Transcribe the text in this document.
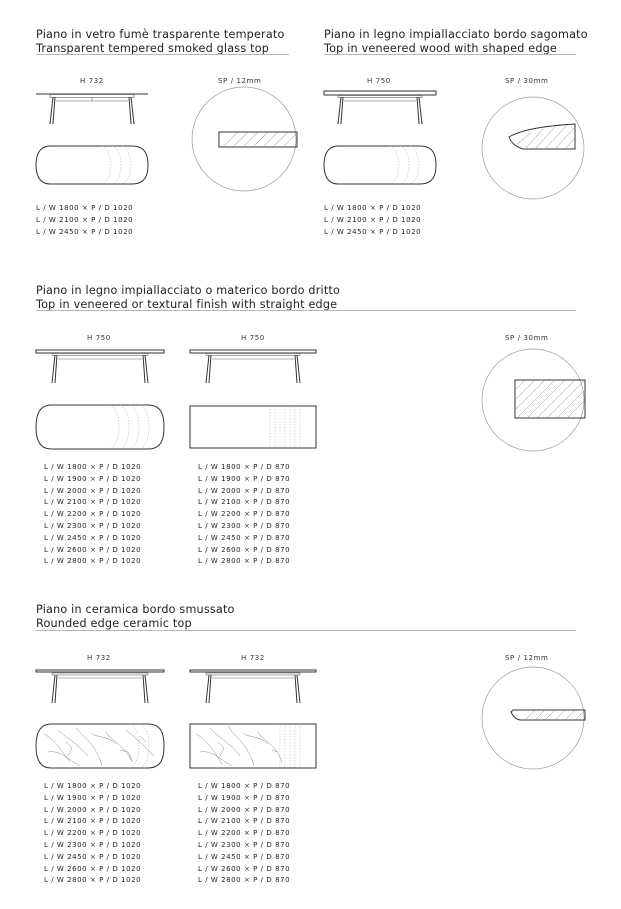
Piano in vetro fumè trasparente temperato
Transparent tempered smoked glass top
H 732	SP / 12mm
L / W 1800 × P / D 1020
L / W 2100 × P / D 1020
L / W 2450 × P / D 1020
Piano in legno impiallacciato bordo sagomato
Top in veneered wood with shaped edge
H 750	SP / 30mm
L / W 1800 × P / D 1020
L / W 2100 × P / D 1020
L / W 2450 × P / D 1020
Piano in legno impiallacciato o materico bordo dritto
Top in veneered or textural finish with straight edge
H 750	H 750	SP / 30mm
L / W 1800 × P / D 1020
L / W 1900 × P / D 1020
L / W 2000 × P / D 1020
L / W 2100 × P / D 1020
L / W 2200 × P / D 1020
L / W 2300 × P / D 1020
L / W 2450 × P / D 1020
L / W 2600 × P / D 1020
L / W 2800 × P / D 1020
L / W 1800 × P / D 870
L / W 1900 × P / D 870
L / W 2000 × P / D 870
L / W 2100 × P / D 870
L / W 2200 × P / D 870
L / W 2300 × P / D 870
L / W 2450 × P / D 870
L / W 2600 × P / D 870
L / W 2800 × P / D 870
Piano in ceramica bordo smussato
Rounded edge ceramic top
H 732	H 732	SP / 12mm
L / W 1800 × P / D 1020
L / W 1900 × P / D 1020
L / W 2000 × P / D 1020
L / W 2100 × P / D 1020
L / W 2200 × P / D 1020
L / W 2300 × P / D 1020
L / W 2450 × P / D 1020
L / W 2600 × P / D 1020
L / W 2800 × P / D 1020
L / W 1800 × P / D 870
L / W 1900 × P / D 870
L / W 2000 × P / D 870
L / W 2100 × P / D 870
L / W 2200 × P / D 870
L / W 2300 × P / D 870
L / W 2450 × P / D 870
L / W 2600 × P / D 870
L / W 2800 × P / D 870
